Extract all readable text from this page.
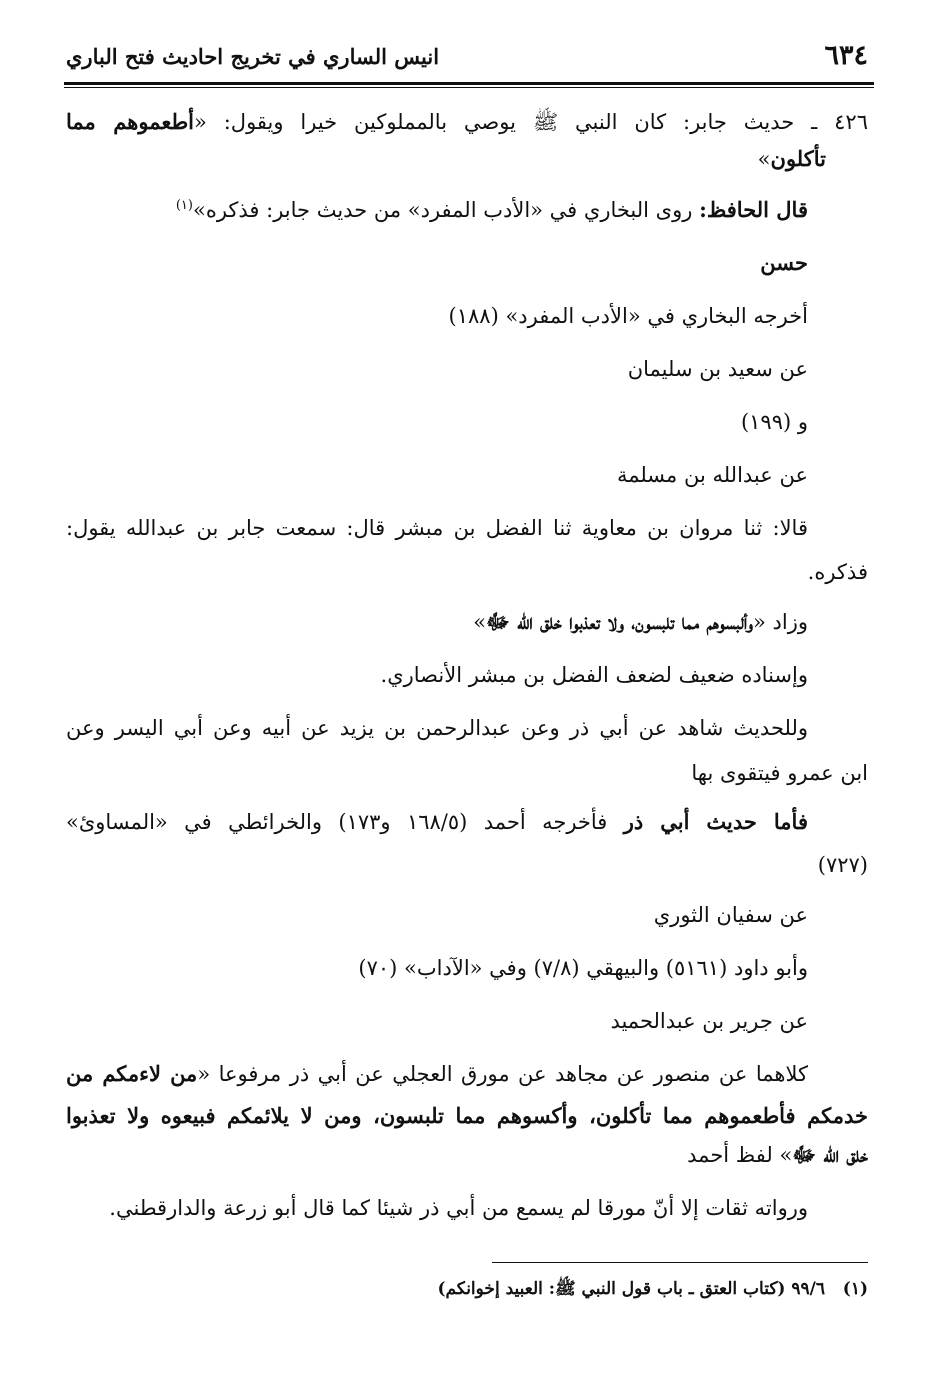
٦٣٤
انيس الساري في تخريج احاديث فتح الباري
٤٢٦ ـ حديث جابر: كان النبي ﷺ يوصي بالمملوكين خيرا ويقول: «أطعموهم مما
تأكلون»
قال الحافظ: روى البخاري في «الأدب المفرد» من حديث جابر: فذكره»$^{(١)}$
حسن
أخرجه البخاري في «الأدب المفرد» (١٨٨)
عن سعيد بن سليمان
و (١٩٩)
عن عبدالله بن مسلمة
قالا: ثنا مروان بن معاوية ثنا الفضل بن مبشر قال: سمعت جابر بن عبدالله يقول:
فذكره.
وزاد «وألبسوهم مما تلبسون، ولا تعذبوا خلق الله ﷻ»
وإسناده ضعيف لضعف الفضل بن مبشر الأنصاري.
وللحديث شاهد عن أبي ذر وعن عبدالرحمن بن يزيد عن أبيه وعن أبي اليسر وعن
ابن عمرو فيتقوى بها
فأما حديث أبي ذر فأخرجه أحمد (١٦٨/٥ و١٧٣) والخرائطي في «المساوئ»
(٧٢٧)
عن سفيان الثوري
وأبو داود (٥١٦١) والبيهقي (٧/٨) وفي «الآداب» (٧٠)
عن جرير بن عبدالحميد
كلاهما عن منصور عن مجاهد عن مورق العجلي عن أبي ذر مرفوعا «من لاءمكم من
خدمكم فأطعموهم مما تأكلون، وأكسوهم مما تلبسون، ومن لا يلائمكم فبيعوه ولا تعذبوا
خلق الله ﷻ» لفظ أحمد
ورواته ثقات إلا أنّ مورقا لم يسمع من أبي ذر شيئا كما قال أبو زرعة والدارقطني.
(١)   ٩٩/٦ (كتاب العتق ـ باب قول النبي ﷺ: العبيد إخوانكم)
